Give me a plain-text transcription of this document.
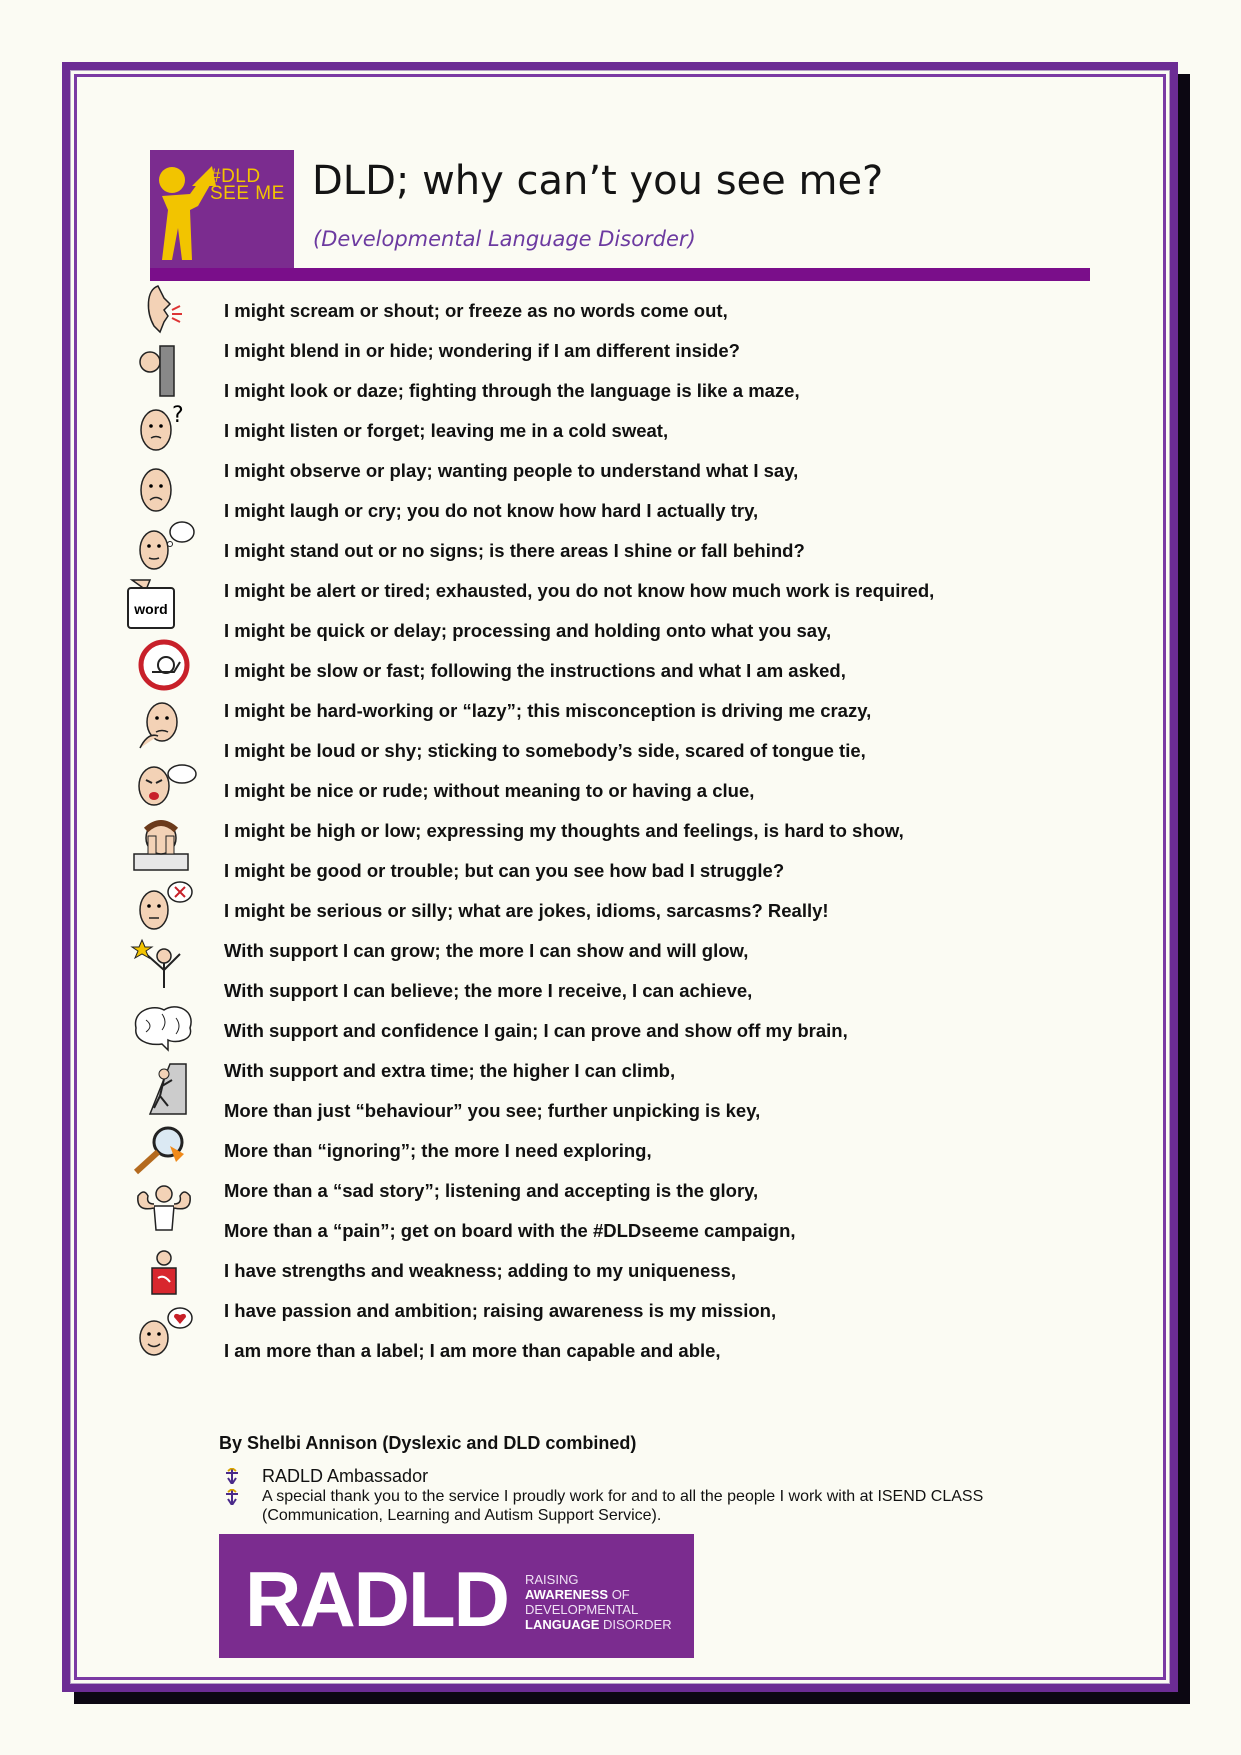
#DLD
SEE ME DLD; why can’t you see me?
(Developmental Language Disorder)
?
word
I might scream or shout; or freeze as no words come out,
I might blend in or hide; wondering if I am different inside?
I might look or daze; fighting through the language is like a maze,
I might listen or forget; leaving me in a cold sweat,
I might observe or play; wanting people to understand what I say,
I might laugh or cry; you do not know how hard I actually try,
I might stand out or no signs; is there areas I shine or fall behind?
I might be alert or tired; exhausted, you do not know how much work is required,
I might be quick or delay; processing and holding onto what you say,
I might be slow or fast; following the instructions and what I am asked,
I might be hard-working or “lazy”; this misconception is driving me crazy,
I might be loud or shy; sticking to somebody’s side, scared of tongue tie,
I might be nice or rude; without meaning to or having a clue,
I might be high or low; expressing my thoughts and feelings, is hard to show,
I might be good or trouble; but can you see how bad I struggle?
I might be serious or silly; what are jokes, idioms, sarcasms? Really!
With support I can grow; the more I can show and will glow,
With support I can believe; the more I receive, I can achieve,
With support and confidence I gain; I can prove and show off my brain,
With support and extra time; the higher I can climb,
More than just “behaviour” you see; further unpicking is key,
More than “ignoring”; the more I need exploring,
More than a “sad story”; listening and accepting is the glory,
More than a “pain”; get on board with the #DLDseeme campaign,
I have strengths and weakness; adding to my uniqueness,
I have passion and ambition; raising awareness is my mission,
I am more than a label; I am more than capable and able,
By Shelbi Annison (Dyslexic and DLD combined)
RADLD Ambassador
A special thank you to the service I proudly work for and to all the people I work with at ISEND CLASS (Communication, Learning and Autism Support Service).
RADLD RAISING
AWARENESS OF
DEVELOPMENTAL
LANGUAGE DISORDER
